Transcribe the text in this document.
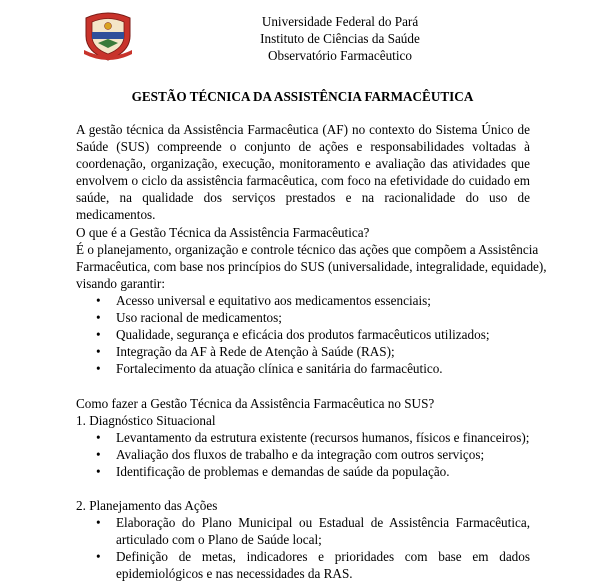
Universidade Federal do Pará
Instituto de Ciências da Saúde
Observatório Farmacêutico
GESTÃO TÉCNICA DA ASSISTÊNCIA FARMACÊUTICA
A gestão técnica da Assistência Farmacêutica (AF) no contexto do Sistema Único de Saúde (SUS) compreende o conjunto de ações e responsabilidades voltadas à coordenação, organização, execução, monitoramento e avaliação das atividades que envolvem o ciclo da assistência farmacêutica, com foco na efetividade do cuidado em saúde, na qualidade dos serviços prestados e na racionalidade do uso de medicamentos.
O que é a Gestão Técnica da Assistência Farmacêutica?
É o planejamento, organização e controle técnico das ações que compõem a Assistência
Farmacêutica, com base nos princípios do SUS (universalidade, integralidade, equidade),
visando garantir:
• Acesso universal e equitativo aos medicamentos essenciais;
• Uso racional de medicamentos;
• Qualidade, segurança e eficácia dos produtos farmacêuticos utilizados;
• Integração da AF à Rede de Atenção à Saúde (RAS);
• Fortalecimento da atuação clínica e sanitária do farmacêutico.
Como fazer a Gestão Técnica da Assistência Farmacêutica no SUS?
1. Diagnóstico Situacional
• Levantamento da estrutura existente (recursos humanos, físicos e financeiros);
• Avaliação dos fluxos de trabalho e da integração com outros serviços;
• Identificação de problemas e demandas de saúde da população.
2. Planejamento das Ações
• Elaboração do Plano Municipal ou Estadual de Assistência Farmacêutica, articulado com o Plano de Saúde local;
• Definição de metas, indicadores e prioridades com base em dados epidemiológicos e nas necessidades da RAS.
